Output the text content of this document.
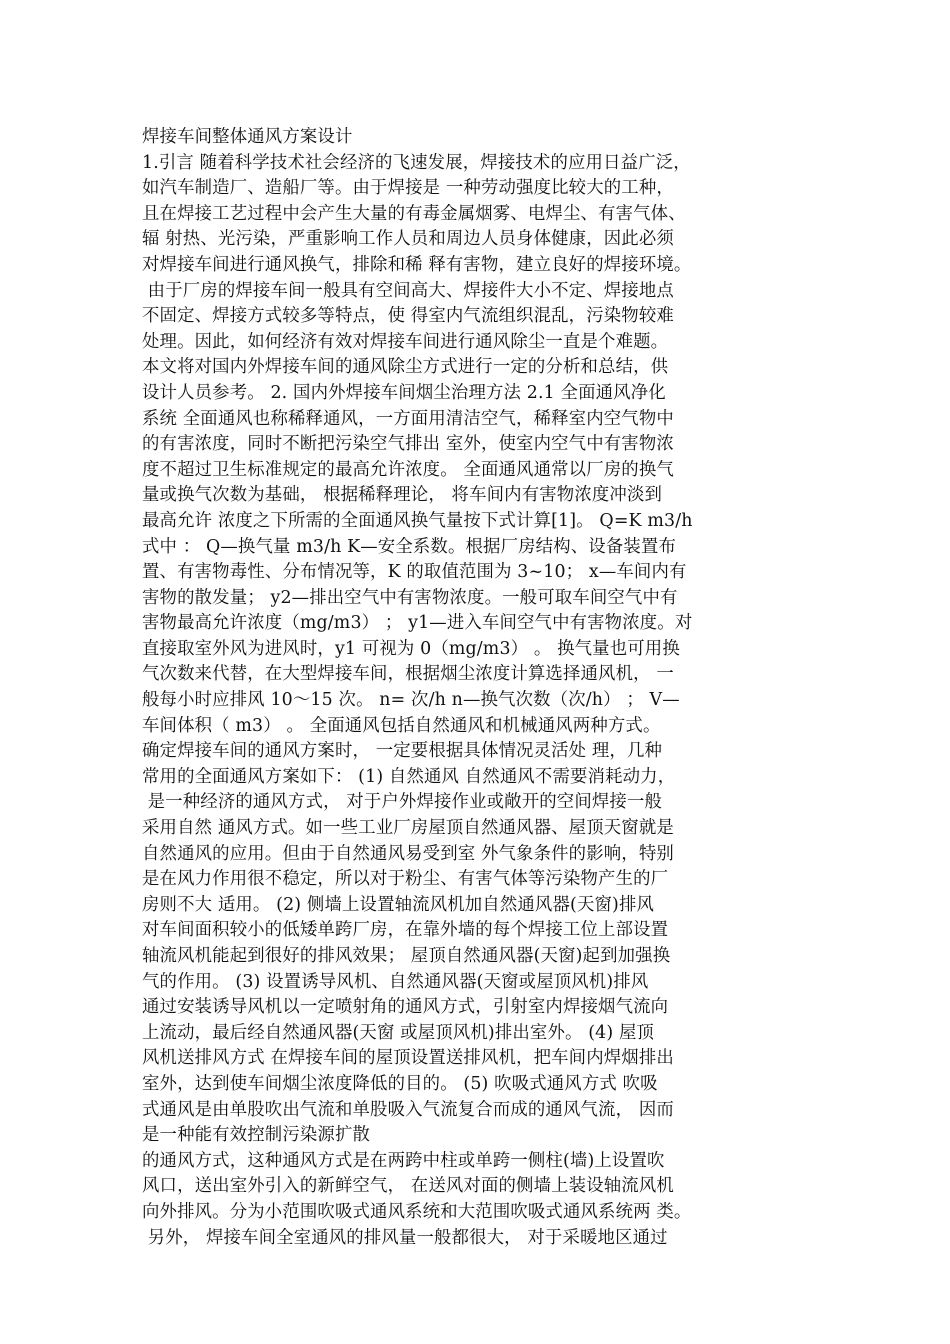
焊接车间整体通风方案设计
1.引言 随着科学技术社会经济的飞速发展，焊接技术的应用日益广泛，
如汽车制造厂、造船厂等。由于焊接是 一种劳动强度比较大的工种，
且在焊接工艺过程中会产生大量的有毒金属烟雾、电焊尘、有害气体、
辐 射热、光污染，严重影响工作人员和周边人员身体健康，因此必须
对焊接车间进行通风换气，排除和稀 释有害物，建立良好的焊接环境。
由于厂房的焊接车间一般具有空间高大、焊接件大小不定、焊接地点
不固定、焊接方式较多等特点，使 得室内气流组织混乱，污染物较难
处理。因此，如何经济有效对焊接车间进行通风除尘一直是个难题。
本文将对国内外焊接车间的通风除尘方式进行一定的分析和总结，供
设计人员参考。 2. 国内外焊接车间烟尘治理方法 2.1 全面通风净化
系统 全面通风也称稀释通风，一方面用清洁空气，稀释室内空气物中
的有害浓度，同时不断把污染空气排出 室外，使室内空气中有害物浓
度不超过卫生标准规定的最高允许浓度。 全面通风通常以厂房的换气
量或换气次数为基础， 根据稀释理论， 将车间内有害物浓度冲淡到
最高允许 浓度之下所需的全面通风换气量按下式计算[1]。 Q=K m3/h
式中 ： Q—换气量 m3/h K—安全系数。根据厂房结构、设备装置布
置、有害物毒性、分布情况等，K 的取值范围为 3~10； x—车间内有
害物的散发量； y2—排出空气中有害物浓度。一般可取车间空气中有
害物最高允许浓度（mg/m3） ； y1—进入车间空气中有害物浓度。对
直接取室外风为进风时，y1 可视为 0（mg/m3） 。 换气量也可用换
气次数来代替，在大型焊接车间，根据烟尘浓度计算选择通风机， 一
般每小时应排风 10～15 次。 n= 次/h n—换气次数（次/h） ； V—
车间体积（ m3） 。 全面通风包括自然通风和机械通风两种方式。
确定焊接车间的通风方案时， 一定要根据具体情况灵活处 理，几种
常用的全面通风方案如下： (1) 自然通风 自然通风不需要消耗动力，
是一种经济的通风方式， 对于户外焊接作业或敞开的空间焊接一般
采用自然 通风方式。如一些工业厂房屋顶自然通风器、屋顶天窗就是
自然通风的应用。但由于自然通风易受到室 外气象条件的影响，特别
是在风力作用很不稳定，所以对于粉尘、有害气体等污染物产生的厂
房则不大 适用。 (2) 侧墙上设置轴流风机加自然通风器(天窗)排风
对车间面积较小的低矮单跨厂房，在靠外墙的每个焊接工位上部设置
轴流风机能起到很好的排风效果； 屋顶自然通风器(天窗)起到加强换
气的作用。 (3) 设置诱导风机、自然通风器(天窗或屋顶风机)排风
通过安装诱导风机以一定喷射角的通风方式，引射室内焊接烟气流向
上流动，最后经自然通风器(天窗 或屋顶风机)排出室外。 (4) 屋顶
风机送排风方式 在焊接车间的屋顶设置送排风机，把车间内焊烟排出
室外，达到使车间烟尘浓度降低的目的。 (5) 吹吸式通风方式 吹吸
式通风是由单股吹出气流和单股吸入气流复合而成的通风气流， 因而
是一种能有效控制污染源扩散
的通风方式，这种通风方式是在两跨中柱或单跨一侧柱(墙)上设置吹
风口，送出室外引入的新鲜空气， 在送风对面的侧墙上装设轴流风机
向外排风。分为小范围吹吸式通风系统和大范围吹吸式通风系统两 类。
另外， 焊接车间全室通风的排风量一般都很大， 对于采暖地区通过
